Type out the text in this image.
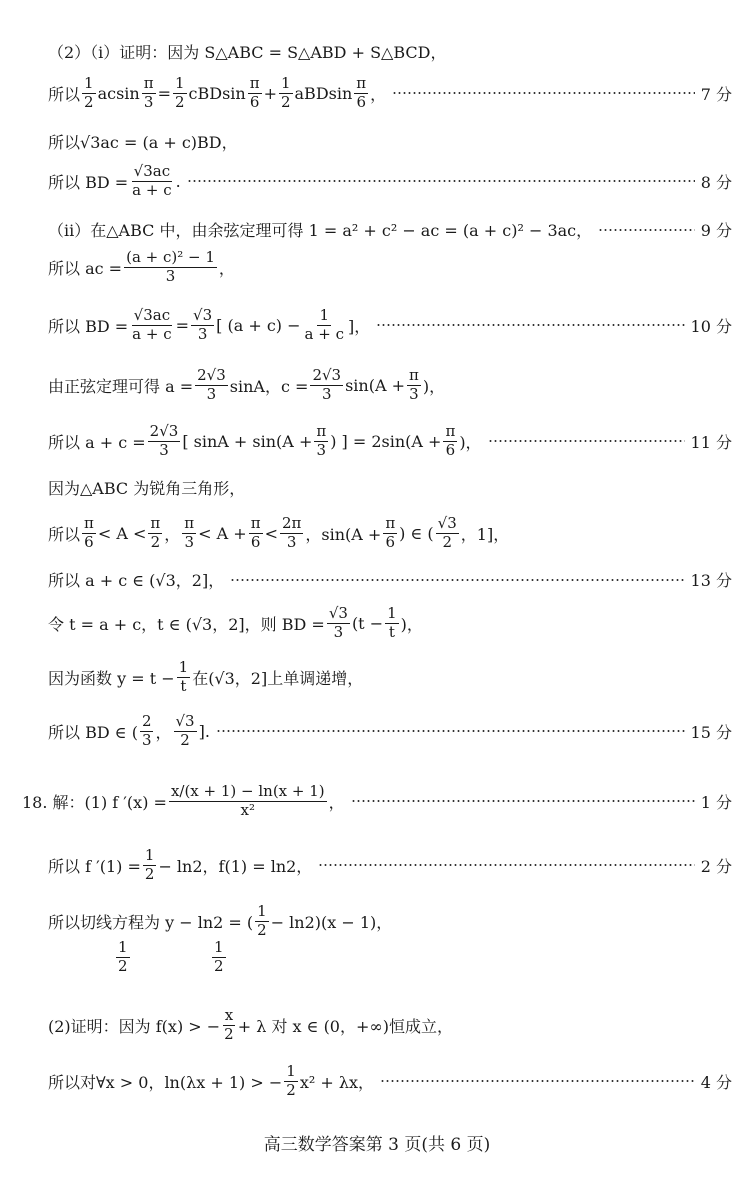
（2）（ⅰ）证明：因为 S△ABC = S△ABD + S△BCD，
所以 $\frac{1}{2}$ acsin $\frac{\pi}{3} = \frac{1}{2}$ cBDsin $\frac{\pi}{6} + \frac{1}{2}$ aBDsin $\frac{\pi}{6}$ ，	7 分
所以√3ac = (a + c)BD，
所以 BD = $\frac{√3ac}{a + c}$ .	8 分
（ⅱ）在△ABC 中，由余弦定理可得 1 = a² + c² − ac = (a + c)² − 3ac，	9 分
所以 ac = $\frac{\text{(a + c)² − 1}}{3}$ ，
所以 BD = $\frac{√3ac}{a + c} = \frac{√3}{3}$ [ $(a + c) - \frac{1}{a + c}$ ]，	10 分
由正弦定理可得 $a = \frac{2√3}{3}$ sinA，$c = \frac{2√3}{3} \sin(A + \frac{\pi}{3}$ )，
所以 $a + c = \frac{2√3}{3}$ [ $\sin A + \sin(A + \frac{\pi}{3}$ ) ] = $2\sin(A + \frac{\pi}{6}$ )，	11 分
因为△ABC 为锐角三角形，
所以 $\frac{\pi}{6} < A < \frac{\pi}{2}$ ， $\frac{\pi}{3} < A + \frac{\pi}{6} < \frac{2\pi}{3}$ ，$\sin(A + \frac{\pi}{6}$ ) ∈ ( $\frac{√3}{2}$ ，1]，
所以 a + c ∈ (√3，2]，	13 分
令 t = a + c，t ∈ (√3，2]，则 BD = $\frac{√3}{3} (t - \frac{1}{t}$ )，
因为函数 $y = t - \frac{1}{t}$ 在(√3，2]上单调递增，
所以 BD ∈ ( $\frac{2}{3}$ ， $\frac{√3}{2}$ ].	15 分
18. 解：(1) f $'(x) = \frac{x/(x + 1) - \ln(x + 1)}{\text{x²}}$ ，	1 分
所以 f $'(1) = \frac{1}{2} - \ln 2$，f(1) = ln2，	2 分
所以切线方程为 y − ln2 = ( $\frac{1}{2} - \ln 2)(x - 1)$，
$\frac{1}{2}$	$\frac{1}{2}$
(2)证明：因为 f(x) > − $\frac{x}{2} + \lambda$ 对 x ∈ (0，+∞)恒成立，
所以对∀x > 0，ln(λx + 1) > − $\frac{1}{2} x^2 + \lambda x$，	4 分
高三数学答案第 3 页(共 6 页)
